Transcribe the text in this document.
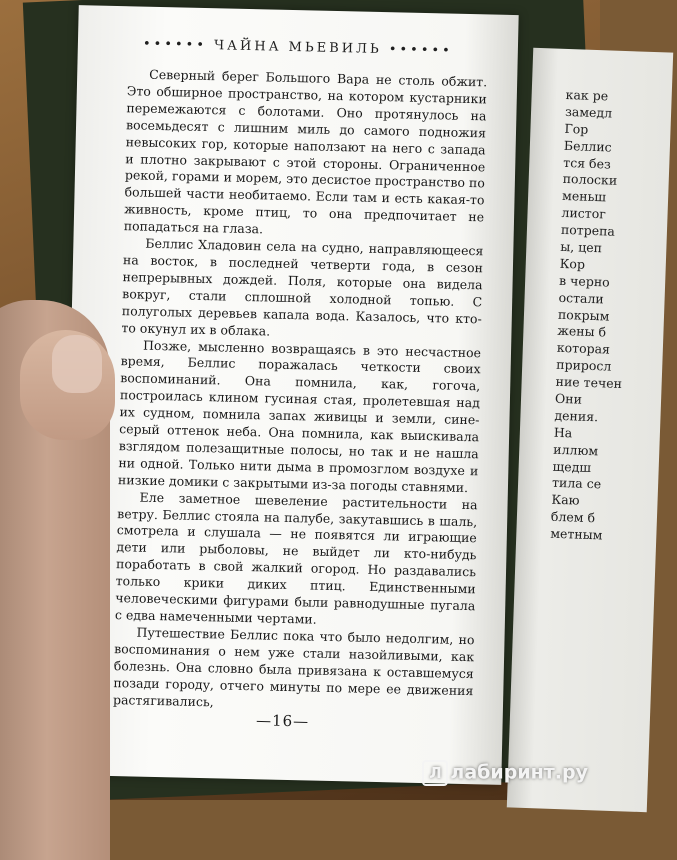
как ре
замедл
Гор
Беллис
тся без
полоски
меньш
листог
потрепа
ы, цеп
Кор
в черно
остали
покрым
жены б
которая
приросл
ние течен
Они
дения.
На
иллюм
щедш
тила се
Каю
блем б
метным
•••••• ЧАЙНА МЬЕВИЛЬ ••••••

Северный берег Большого Вара не столь обжит. Это обширное пространство, на котором кустарники перемежаются с болотами. Оно протянулось на восемьдесят с лишним миль до самого подножия невысоких гор, которые наползают на него с запада и плотно закрывают с этой стороны. Ограниченное рекой, горами и морем, это десистое пространство по большей части необитаемо. Если там и есть какая-то живность, кроме птиц, то она предпочитает не попадаться на глаза.

Беллис Хладовин села на судно, направляющееся на восток, в последней четверти года, в сезон непрерывных дождей. Поля, которые она видела вокруг, стали сплошной холодной топью. С полуголых деревьев капала вода. Казалось, что кто-то окунул их в облака.

Позже, мысленно возвращаясь в это несчастное время, Беллис поражалась четкости своих воспоминаний. Она помнила, как, гогоча, построилась клином гусиная стая, пролетевшая над их судном, помнила запах живицы и земли, сине-серый оттенок неба. Она помнила, как выискивала взглядом полезащитные полосы, но так и не нашла ни одной. Только нити дыма в промозглом воздухе и низкие домики с закрытыми из-за погоды ставнями.

Еле заметное шевеление растительности на ветру. Беллис стояла на палубе, закутавшись в шаль, смотрела и слушала — не появятся ли играющие дети или рыболовы, не выйдет ли кто-нибудь поработать в свой жалкий огород. Но раздавались только крики диких птиц. Единственными человеческими фигурами были равнодушные пугала с едва намеченными чертами.

Путешествие Беллис пока что было недолгим, но воспоминания о нем уже стали назойливыми, как болезнь. Она словно была привязана к оставшемуся позади городу, отчего минуты по мере ее движения растягивались,

—16—
Л лабиринт.ру
